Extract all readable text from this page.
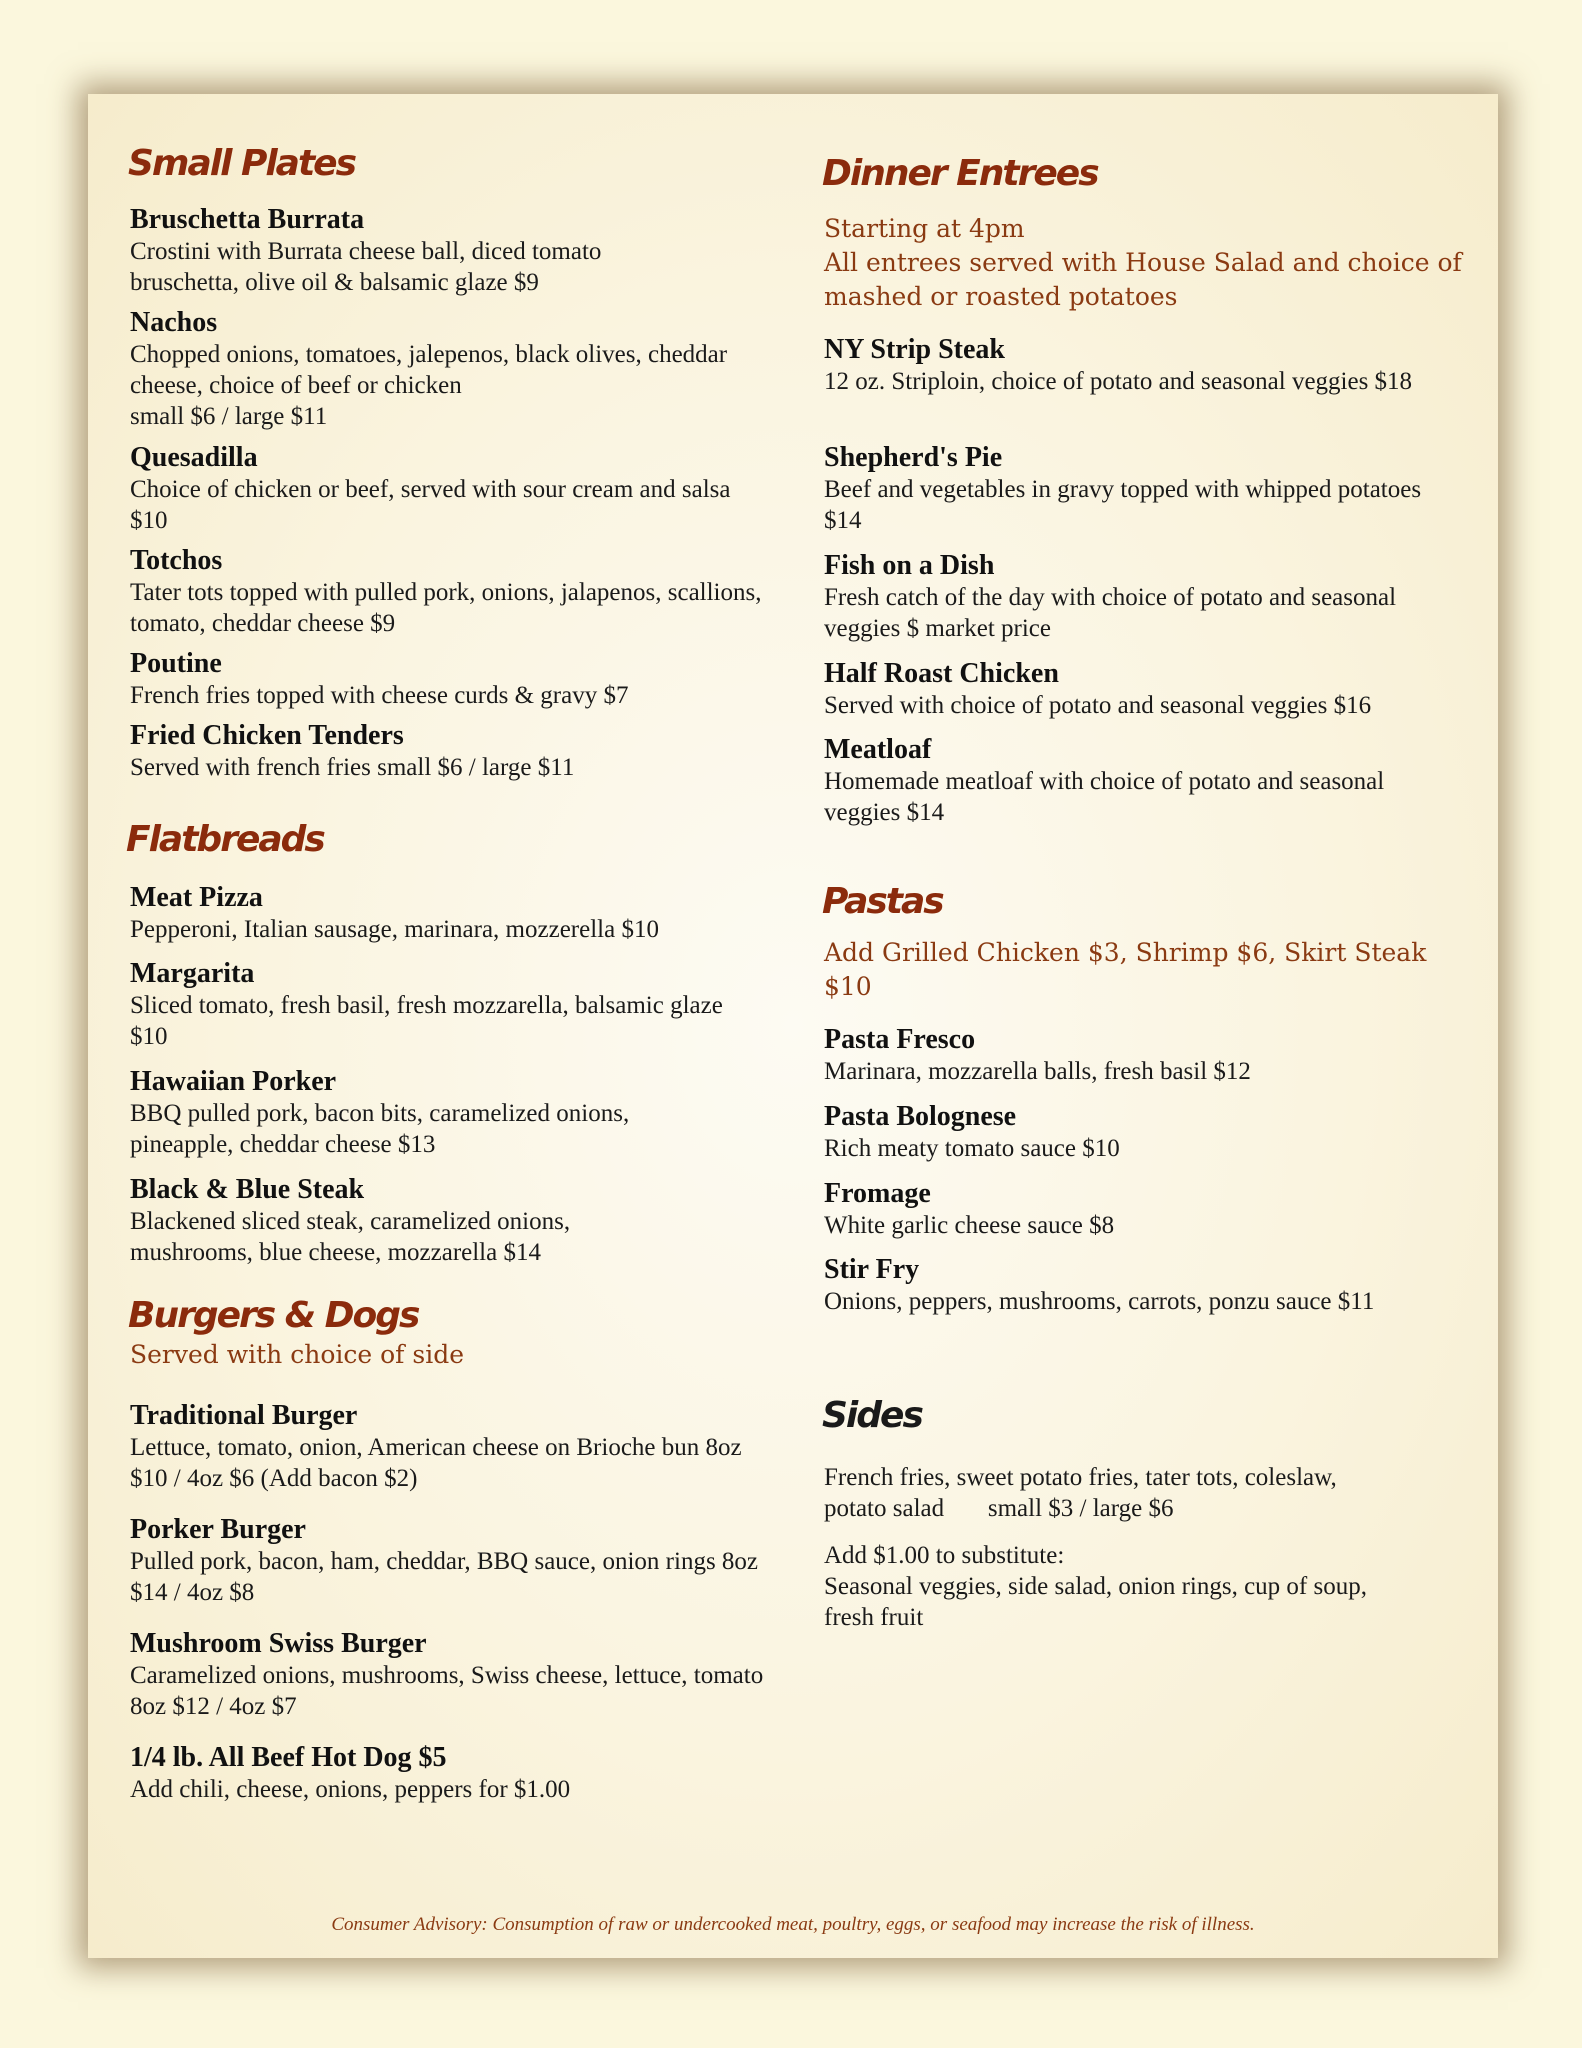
Small Plates
Bruschetta Burrata
Crostini with Burrata cheese ball, diced tomato bruschetta, olive oil & balsamic glaze $9
Nachos
Chopped onions, tomatoes, jalepenos, black olives, cheddar cheese, choice of beef or chicken
small $6 / large $11
Quesadilla
Choice of chicken or beef, served with sour cream and salsa $10
Totchos
Tater tots topped with pulled pork, onions, jalapenos, scallions, tomato, cheddar cheese $9
Poutine
French fries topped with cheese curds & gravy $7
Fried Chicken Tenders
Served with french fries small $6 / large $11
Flatbreads
Meat Pizza
Pepperoni, Italian sausage, marinara, mozzerella $10
Margarita
Sliced tomato, fresh basil, fresh mozzarella, balsamic glaze $10
Hawaiian Porker
BBQ pulled pork, bacon bits, caramelized onions, pineapple, cheddar cheese $13
Black & Blue Steak
Blackened sliced steak, caramelized onions, mushrooms, blue cheese, mozzarella $14
Burgers & Dogs
Served with choice of side
Traditional Burger
Lettuce, tomato, onion, American cheese on Brioche bun 8oz $10 / 4oz $6 (Add bacon $2)
Porker Burger
Pulled pork, bacon, ham, cheddar, BBQ sauce, onion rings 8oz $14 / 4oz $8
Mushroom Swiss Burger
Caramelized onions, mushrooms, Swiss cheese, lettuce, tomato 8oz $12 / 4oz $7
1/4 lb. All Beef Hot Dog $5
Add chili, cheese, onions, peppers for $1.00
Dinner Entrees
Starting at 4pm
All entrees served with House Salad and choice of
mashed or roasted potatoes
NY Strip Steak
12 oz. Striploin, choice of potato and seasonal veggies $18
Shepherd's Pie
Beef and vegetables in gravy topped with whipped potatoes $14
Fish on a Dish
Fresh catch of the day with choice of potato and seasonal veggies $ market price
Half Roast Chicken
Served with choice of potato and seasonal veggies $16
Meatloaf
Homemade meatloaf with choice of potato and seasonal veggies $14
Pastas
Add Grilled Chicken $3, Shrimp $6, Skirt Steak
$10
Pasta Fresco
Marinara, mozzarella balls, fresh basil $12
Pasta Bolognese
Rich meaty tomato sauce $10
Fromage
White garlic cheese sauce $8
Stir Fry
Onions, peppers, mushrooms, carrots, ponzu sauce $11
Sides
French fries, sweet potato fries, tater tots, coleslaw,
potato salad       small $3 / large $6
Add $1.00 to substitute:
Seasonal veggies, side salad, onion rings, cup of soup,
fresh fruit
Consumer Advisory: Consumption of raw or undercooked meat, poultry, eggs, or seafood may increase the risk of illness.
